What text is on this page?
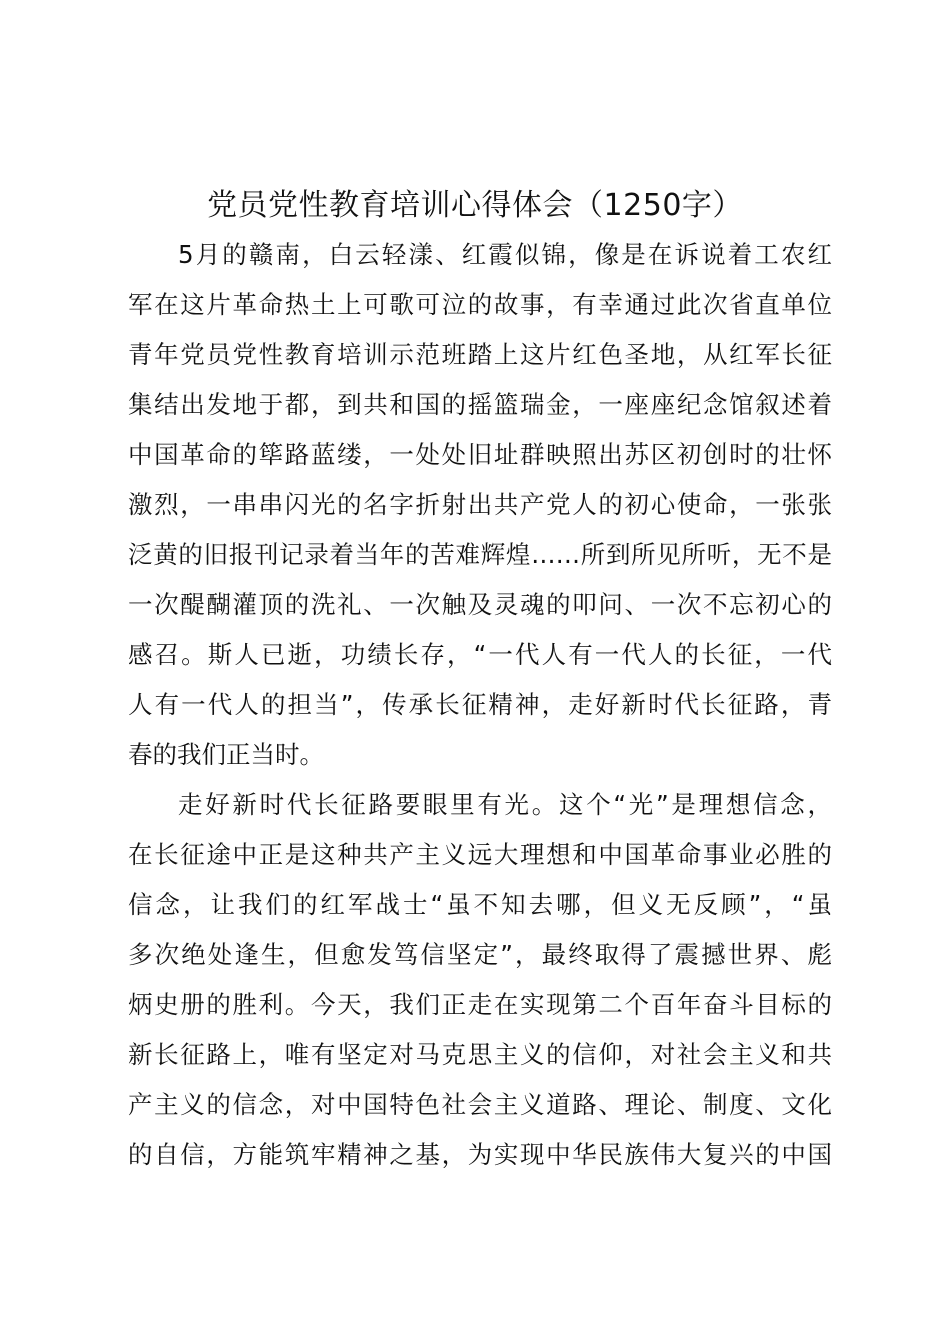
党员党性教育培训心得体会（1250字）
5月的赣南，白云轻漾、红霞似锦，像是在诉说着工农红
军在这片革命热土上可歌可泣的故事，有幸通过此次省直单位
青年党员党性教育培训示范班踏上这片红色圣地，从红军长征
集结出发地于都，到共和国的摇篮瑞金，一座座纪念馆叙述着
中国革命的筚路蓝缕，一处处旧址群映照出苏区初创时的壮怀
激烈，一串串闪光的名字折射出共产党人的初心使命，一张张
泛黄的旧报刊记录着当年的苦难辉煌……所到所见所听，无不是
一次醍醐灌顶的洗礼、一次触及灵魂的叩问、一次不忘初心的
感召。斯人已逝，功绩长存，“一代人有一代人的长征，一代
人有一代人的担当”，传承长征精神，走好新时代长征路，青
春的我们正当时。
走好新时代长征路要眼里有光。这个“光”是理想信念，
在长征途中正是这种共产主义远大理想和中国革命事业必胜的
信念，让我们的红军战士“虽不知去哪，但义无反顾”，“虽
多次绝处逢生，但愈发笃信坚定”，最终取得了震撼世界、彪
炳史册的胜利。今天，我们正走在实现第二个百年奋斗目标的
新长征路上，唯有坚定对马克思主义的信仰，对社会主义和共
产主义的信念，对中国特色社会主义道路、理论、制度、文化
的自信，方能筑牢精神之基，为实现中华民族伟大复兴的中国
